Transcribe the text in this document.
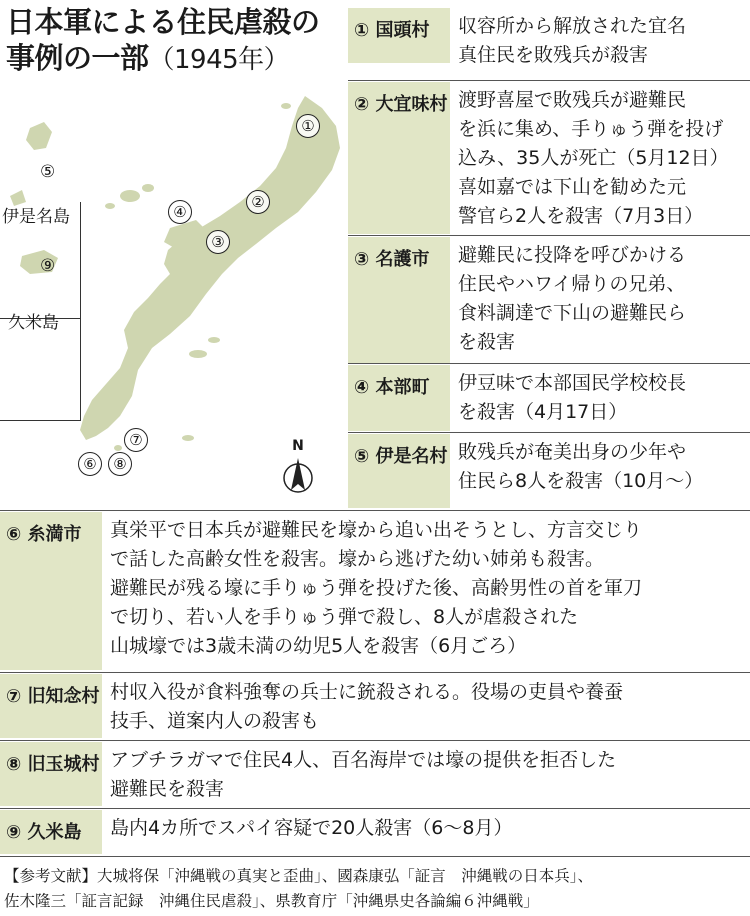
日本軍による住民虐殺の
事例の一部（1945年）
⑤
伊是名島
⑨
久米島
①
②
③
④
⑥
⑦
⑧
N
① 国頭村 収容所から解放された宜名
真住民を敗残兵が殺害
② 大宜味村 渡野喜屋で敗残兵が避難民
を浜に集め、手りゅう弾を投げ
込み、35人が死亡（5月12日）
喜如嘉では下山を勧めた元
警官ら2人を殺害（7月3日）
③ 名護市 避難民に投降を呼びかける
住民やハワイ帰りの兄弟、
食料調達で下山の避難民ら
を殺害
④ 本部町 伊豆味で本部国民学校校長
を殺害（4月17日）
⑤ 伊是名村 敗残兵が奄美出身の少年や
住民ら8人を殺害（10月～）
⑥ 糸満市 真栄平で日本兵が避難民を壕から追い出そうとし、方言交じり
で話した高齢女性を殺害。壕から逃げた幼い姉弟も殺害。
避難民が残る壕に手りゅう弾を投げた後、高齢男性の首を軍刀
で切り、若い人を手りゅう弾で殺し、8人が虐殺された
山城壕では3歳未満の幼児5人を殺害（6月ごろ）
⑦ 旧知念村 村収入役が食料強奪の兵士に銃殺される。役場の吏員や養蚕
技手、道案内人の殺害も
⑧ 旧玉城村 アブチラガマで住民4人、百名海岸では壕の提供を拒否した
避難民を殺害
⑨ 久米島 島内4カ所でスパイ容疑で20人殺害（6～8月）
【参考文献】大城将保「沖縄戦の真実と歪曲」、國森康弘「証言　沖縄戦の日本兵」、
佐木隆三「証言記録　沖縄住民虐殺」、県教育庁「沖縄県史各論編６沖縄戦」
